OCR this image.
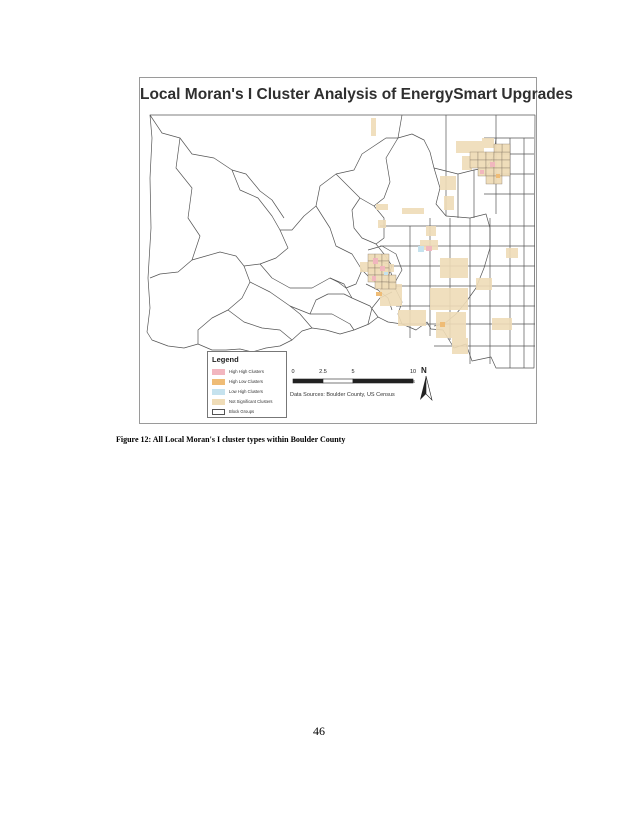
Local Moran's I Cluster Analysis of EnergySmart Upgrades
Legend
High High Clusters
High Low Clusters
Low High Clusters
Not Significant Clusters
Block Groups
0	2.5	5	10
Miles
N
Data Sources: Boulder County, US Census
Figure 12: All Local Moran's I cluster types within Boulder County
46
